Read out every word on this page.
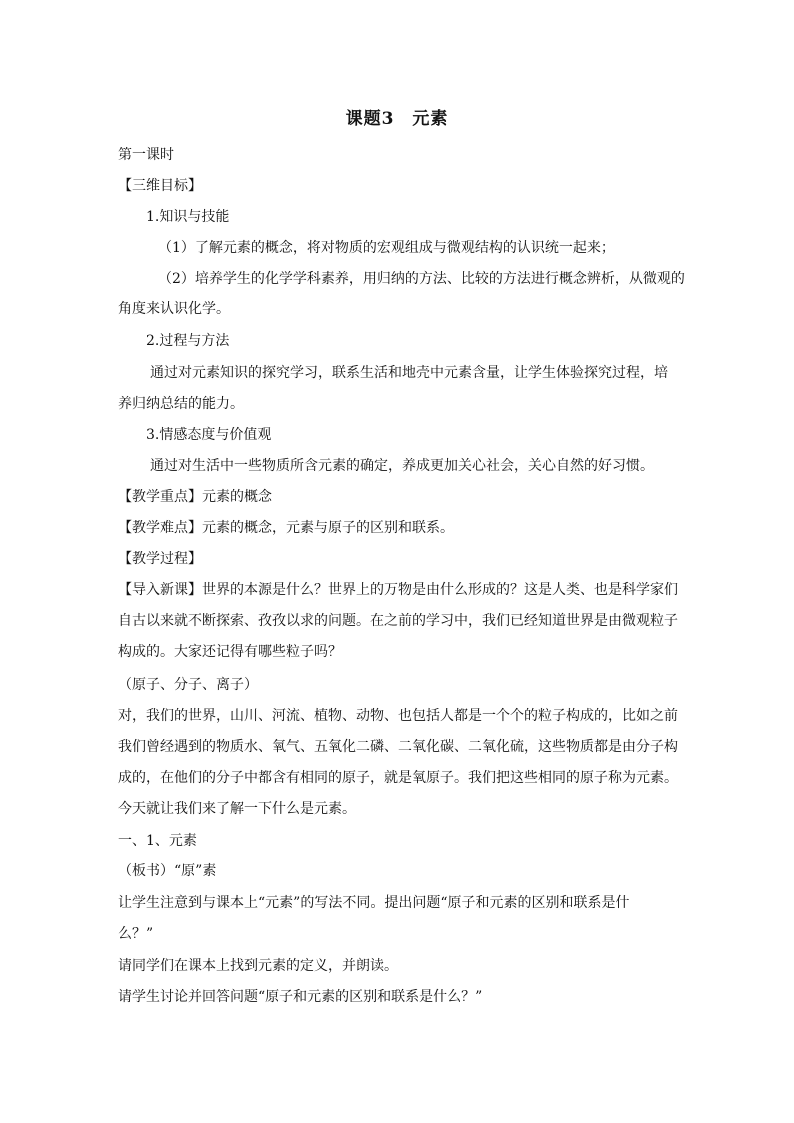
课题3　元素
第一课时
【三维目标】
1.知识与技能
（1）了解元素的概念，将对物质的宏观组成与微观结构的认识统一起来；
（2）培养学生的化学学科素养，用归纳的方法、比较的方法进行概念辨析，从微观的
角度来认识化学。
2.过程与方法
通过对元素知识的探究学习，联系生活和地壳中元素含量，让学生体验探究过程，培
养归纳总结的能力。
3.情感态度与价值观
通过对生活中一些物质所含元素的确定，养成更加关心社会，关心自然的好习惯。
【教学重点】元素的概念
【教学难点】元素的概念，元素与原子的区别和联系。
【教学过程】
【导入新课】世界的本源是什么？世界上的万物是由什么形成的？这是人类、也是科学家们
自古以来就不断探索、孜孜以求的问题。在之前的学习中，我们已经知道世界是由微观粒子
构成的。大家还记得有哪些粒子吗？
（原子、分子、离子）
对，我们的世界，山川、河流、植物、动物、也包括人都是一个个的粒子构成的，比如之前
我们曾经遇到的物质水、氧气、五氧化二磷、二氧化碳、二氧化硫，这些物质都是由分子构
成的，在他们的分子中都含有相同的原子，就是氧原子。我们把这些相同的原子称为元素。
今天就让我们来了解一下什么是元素。
一、1、元素
（板书）“原”素
让学生注意到与课本上“元素”的写法不同。提出问题“原子和元素的区别和联系是什
么？”
请同学们在课本上找到元素的定义，并朗读。
请学生讨论并回答问题“原子和元素的区别和联系是什么？”
